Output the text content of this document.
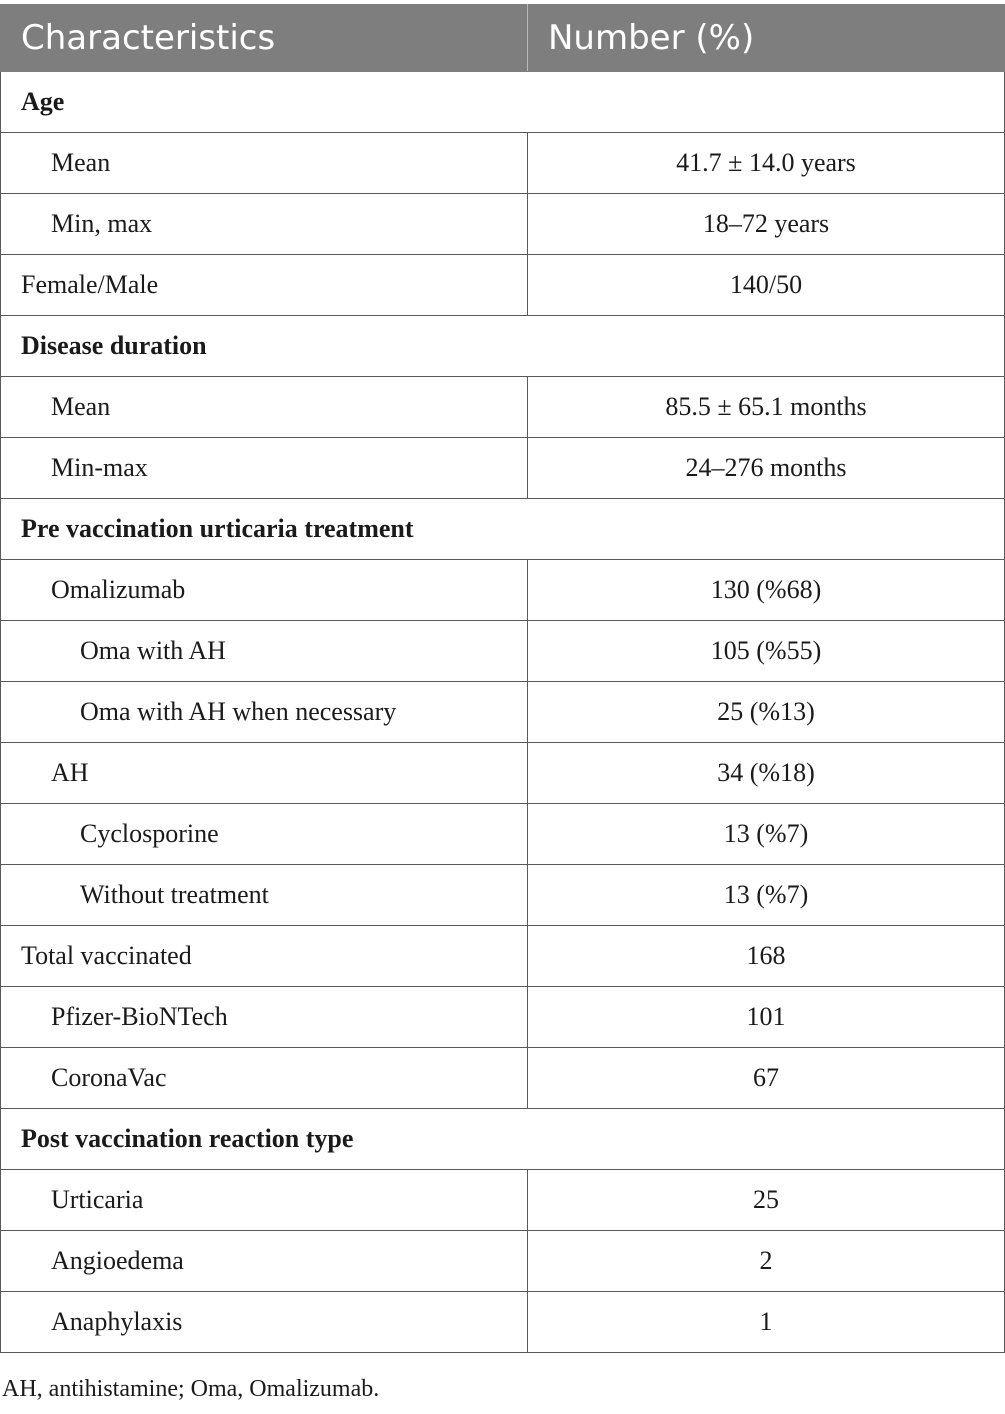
Characteristics	Number (%)
Age	
Mean	41.7 ± 14.0 years
Min, max	18–72 years
Female/Male	140/50
Disease duration	
Mean	85.5 ± 65.1 months
Min-max	24–276 months
Pre vaccination urticaria treatment	
Omalizumab	130 (%68)
Oma with AH	105 (%55)
Oma with AH when necessary	25 (%13)
AH	34 (%18)
Cyclosporine	13 (%7)
Without treatment	13 (%7)
Total vaccinated	168
Pfizer-BioNTech	101
CoronaVac	67
Post vaccination reaction type	
Urticaria	25
Angioedema	2
Anaphylaxis	1
AH, antihistamine; Oma, Omalizumab.
